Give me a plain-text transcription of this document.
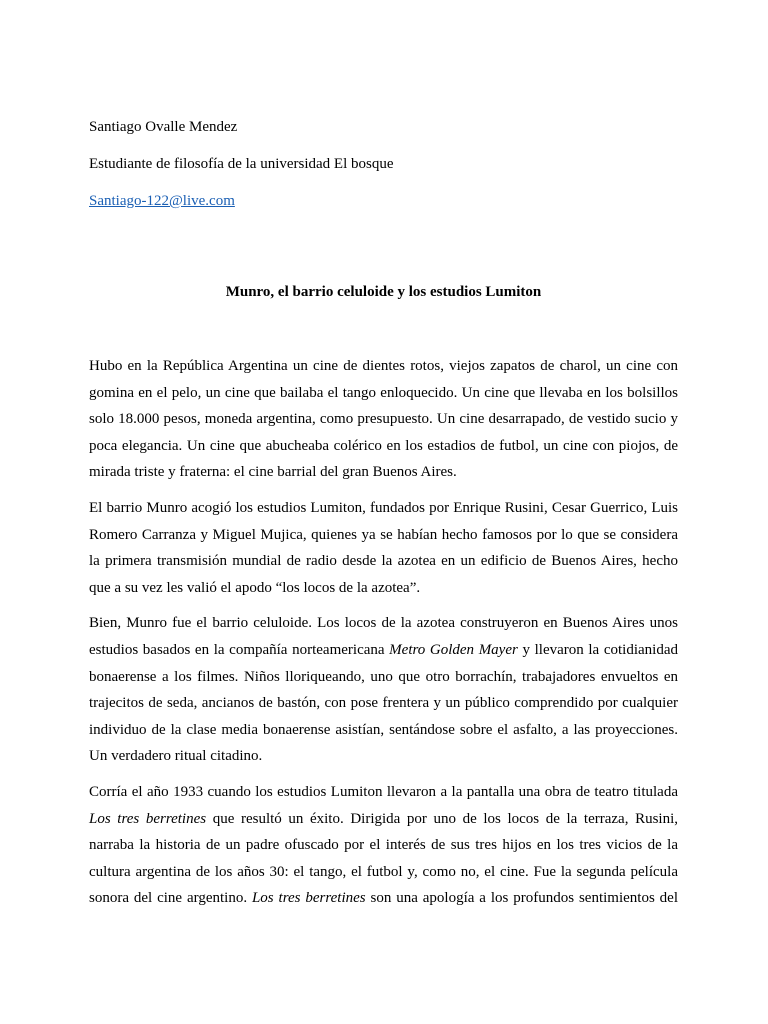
Santiago Ovalle Mendez
Estudiante de filosofía de la universidad El bosque
Santiago-122@live.com
Munro, el barrio celuloide y los estudios Lumiton

Hubo en la República Argentina un cine de dientes rotos, viejos zapatos de charol, un cine con
gomina en el pelo, un cine que bailaba el tango enloquecido. Un cine que llevaba en los bolsillos
solo 18.000 pesos, moneda argentina, como presupuesto. Un cine desarrapado, de vestido sucio y
poca elegancia. Un cine que abucheaba colérico en los estadios de futbol, un cine con piojos, de
mirada triste y fraterna: el cine barrial del gran Buenos Aires.

El barrio Munro acogió los estudios Lumiton, fundados por Enrique Rusini, Cesar Guerrico, Luis
Romero Carranza y Miguel Mujica, quienes ya se habían hecho famosos por lo que se considera
la primera transmisión mundial de radio desde la azotea en un edificio de Buenos Aires, hecho
que a su vez les valió el apodo “los locos de la azotea”.

Bien, Munro fue el barrio celuloide. Los locos de la azotea construyeron en Buenos Aires unos
estudios basados en la compañía norteamericana Metro Golden Mayer y llevaron la cotidianidad
bonaerense a los filmes. Niños lloriqueando, uno que otro borrachín, trabajadores envueltos en
trajecitos de seda, ancianos de bastón, con pose frentera y un público comprendido por cualquier
individuo de la clase media bonaerense asistían, sentándose sobre el asfalto, a las proyecciones.
Un verdadero ritual citadino.

Corría el año 1933 cuando los estudios Lumiton llevaron a la pantalla una obra de teatro titulada
Los tres berretines que resultó un éxito. Dirigida por uno de los locos de la terraza, Rusini,
narraba la historia de un padre ofuscado por el interés de sus tres hijos en los tres vicios de la
cultura argentina de los años 30: el tango, el futbol y, como no, el cine. Fue la segunda película
sonora del cine argentino. Los tres berretines son una apología a los profundos sentimientos del
